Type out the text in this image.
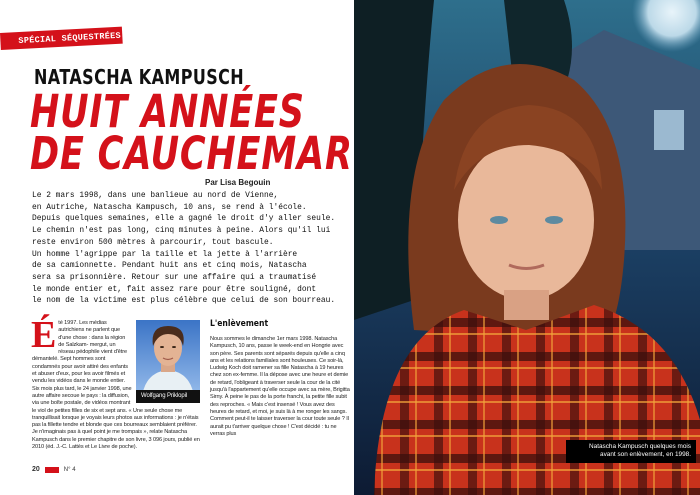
SPÉCIAL SÉQUESTRÉES
NATASCHA KAMPUSCH
HUIT ANNÉES
DE CAUCHEMAR
Par Lisa Begouin
Le 2 mars 1998, dans une banlieue au nord de Vienne,
en Autriche, Natascha Kampusch, 10 ans, se rend à l'école.
Depuis quelques semaines, elle a gagné le droit d'y aller seule.
Le chemin n'est pas long, cinq minutes à peine. Alors qu'il lui
reste environ 500 mètres à parcourir, tout bascule.
Un homme l'agrippe par la taille et la jette à l'arrière
de sa camionnette. Pendant huit ans et cinq mois, Natascha
sera sa prisonnière. Retour sur une affaire qui a traumatisé
le monde entier et, fait assez rare pour être souligné, dont
le nom de la victime est plus célèbre que celui de son bourreau.
Wolfgang Priklopil
É té 1997. Les médias autrichiensne parlent que d'une chose :dans la région de Salzkam-mergut, un réseau pédophilevient d'être démantelé. Sept hommes sontcondamnés pour avoir attiré des enfants etabuser d'eux, pour les avoir filmés et vendules vidéos dans le monde entier.Six mois plus tard, le 24 janvier 1998, uneautre affaire secoue le pays : la diffusion, viaune boîte postale, de vidéos montrant leviol de petites filles de six et sept ans. « Uneseule chose me tranquillisait lorsque je voyais leurs photosaux informations : je n'étais pas la fillette tendre et blondeque ces bourreaux semblaient préférer. Je n'imaginais pasà quel point je me trompais », relate Natascha Kampuschdans le premier chapitre de son livre, 3 096 jours, publié en2010 (éd. J.-C. Lattès et Le Livre de poche).
L'enlèvement
Nous sommes le dimanche 1er mars 1998.Natascha Kampusch, 10 ans, passe leweek-end en Hongrie avec son père.Ses parents sont séparés depuis qu'ellea cinq ans et les relations familiales sonthouleuses. Ce soir-là, Ludwig Koch doitramener sa fille Natascha à 19 heureschez son ex-femme. Il la dépose avecune heure et demie de retard, l'obligeantà traverser seule la cour de la cité jusqu'àl'appartement qu'elle occupe avec sa mère, Brigitta Sirny.À peine le pas de la porte franchi, la petite fille subit desreproches. « Mais c'est insensé ! Vous avez des heures deretard, et moi, je suis là à me ronger les sangs. Commentpeut-il te laisser traverser la cour toute seule ? Il aurait put'arriver quelque chose ! C'est décidé : tu ne verras plus
20	N° 4
Natascha Kampusch quelques mois
avant son enlèvement, en 1998.
